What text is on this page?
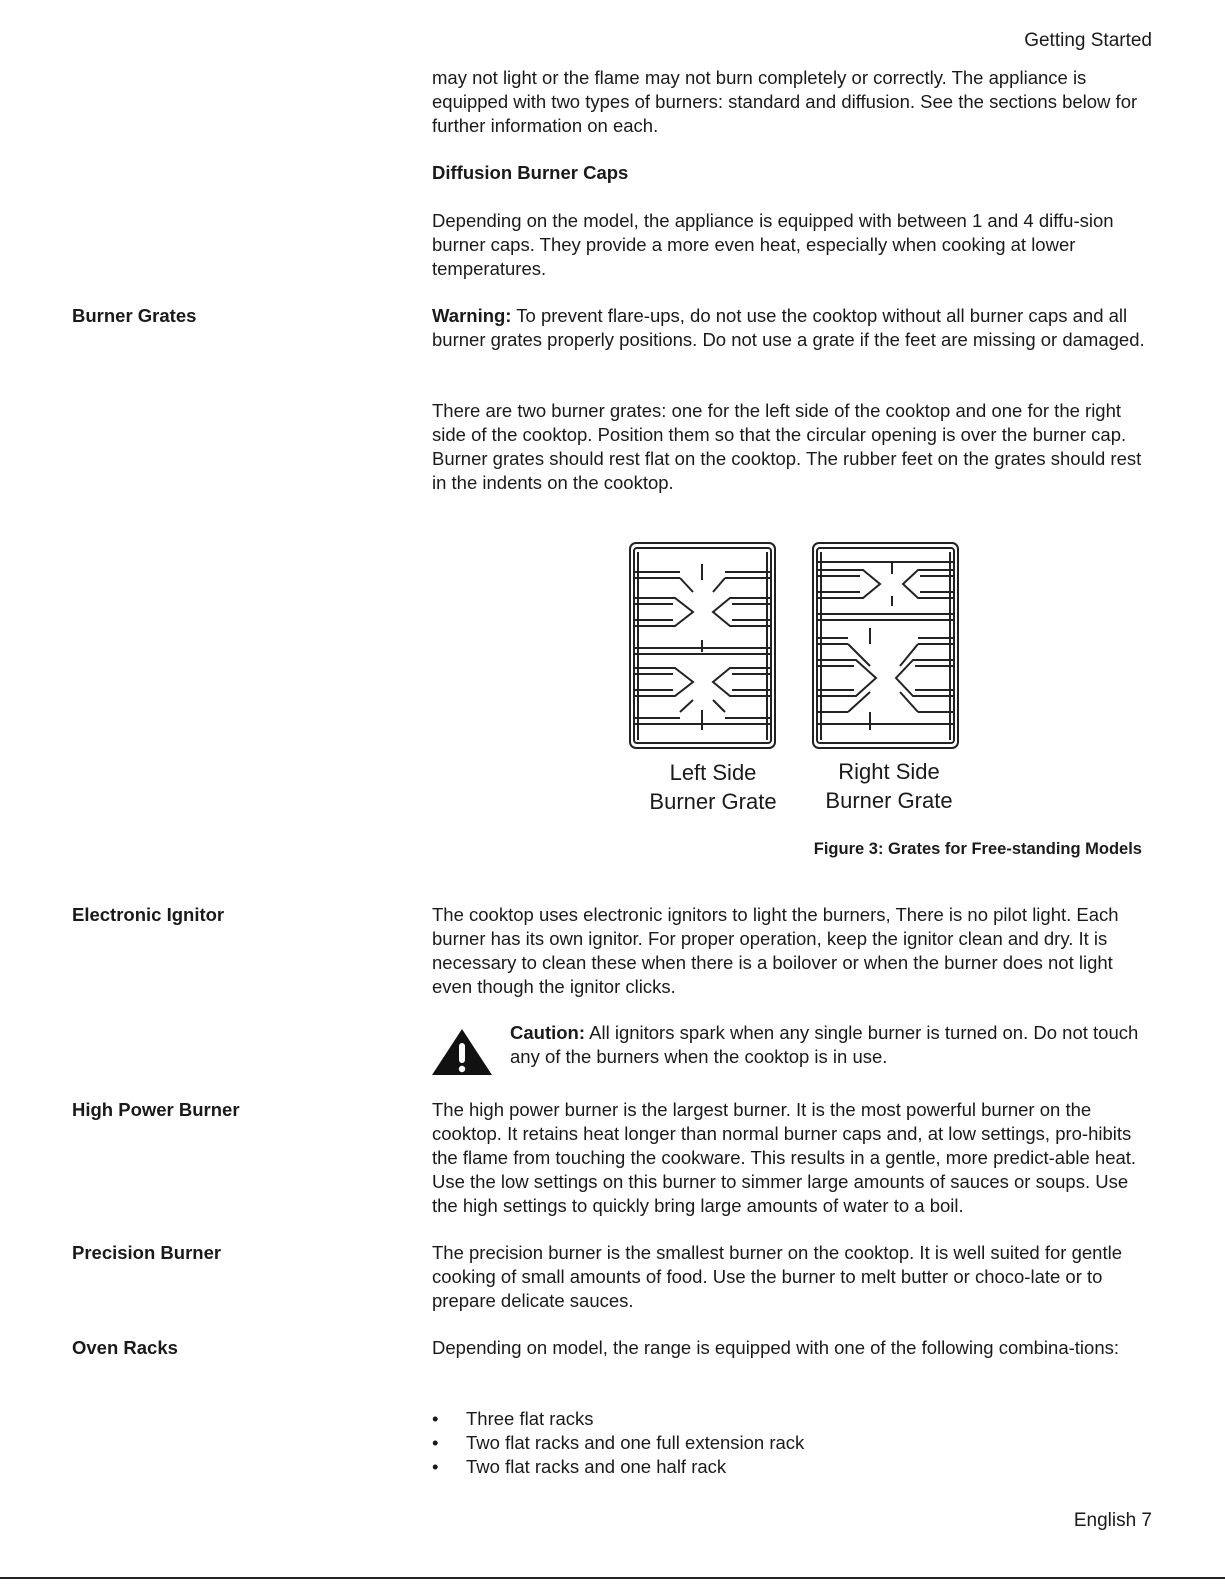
Getting Started

may not light or the flame may not burn completely or correctly. The appliance is equipped with two types of burners: standard and diffusion. See the sections below for further information on each.

Diffusion Burner Caps

Depending on the model, the appliance is equipped with between 1 and 4 diffu-sion burner caps. They provide a more even heat, especially when cooking at lower temperatures.

Burner Grates	Warning: To prevent flare-ups, do not use the cooktop without all burner caps and all burner grates properly positions. Do not use a grate if the feet are missing or damaged.

There are two burner grates: one for the left side of the cooktop and one for the right side of the cooktop. Position them so that the circular opening is over the burner cap. Burner grates should rest flat on the cooktop. The rubber feet on the grates should rest in the indents on the cooktop.

Left Side
Burner Grate
Right Side
Burner Grate
Figure 3: Grates for Free-standing Models
Electronic Ignitor	The cooktop uses electronic ignitors to light the burners, There is no pilot light. Each burner has its own ignitor. For proper operation, keep the ignitor clean and dry. It is necessary to clean these when there is a boilover or when the burner does not light even though the ignitor clicks.

Caution: All ignitors spark when any single burner is turned on. Do not touch any of the burners when the cooktop is in use.
High Power Burner	The high power burner is the largest burner. It is the most powerful burner on the cooktop. It retains heat longer than normal burner caps and, at low settings, pro-hibits the flame from touching the cookware. This results in a gentle, more predict-able heat. Use the low settings on this burner to simmer large amounts of sauces or soups. Use the high settings to quickly bring large amounts of water to a boil.

Precision Burner	The precision burner is the smallest burner on the cooktop. It is well suited for gentle cooking of small amounts of food. Use the burner to melt butter or choco-late or to prepare delicate sauces.

Oven Racks	Depending on model, the range is equipped with one of the following combina-tions:

• Three flat racks
• Two flat racks and one full extension rack
• Two flat racks and one half rack
English 7
